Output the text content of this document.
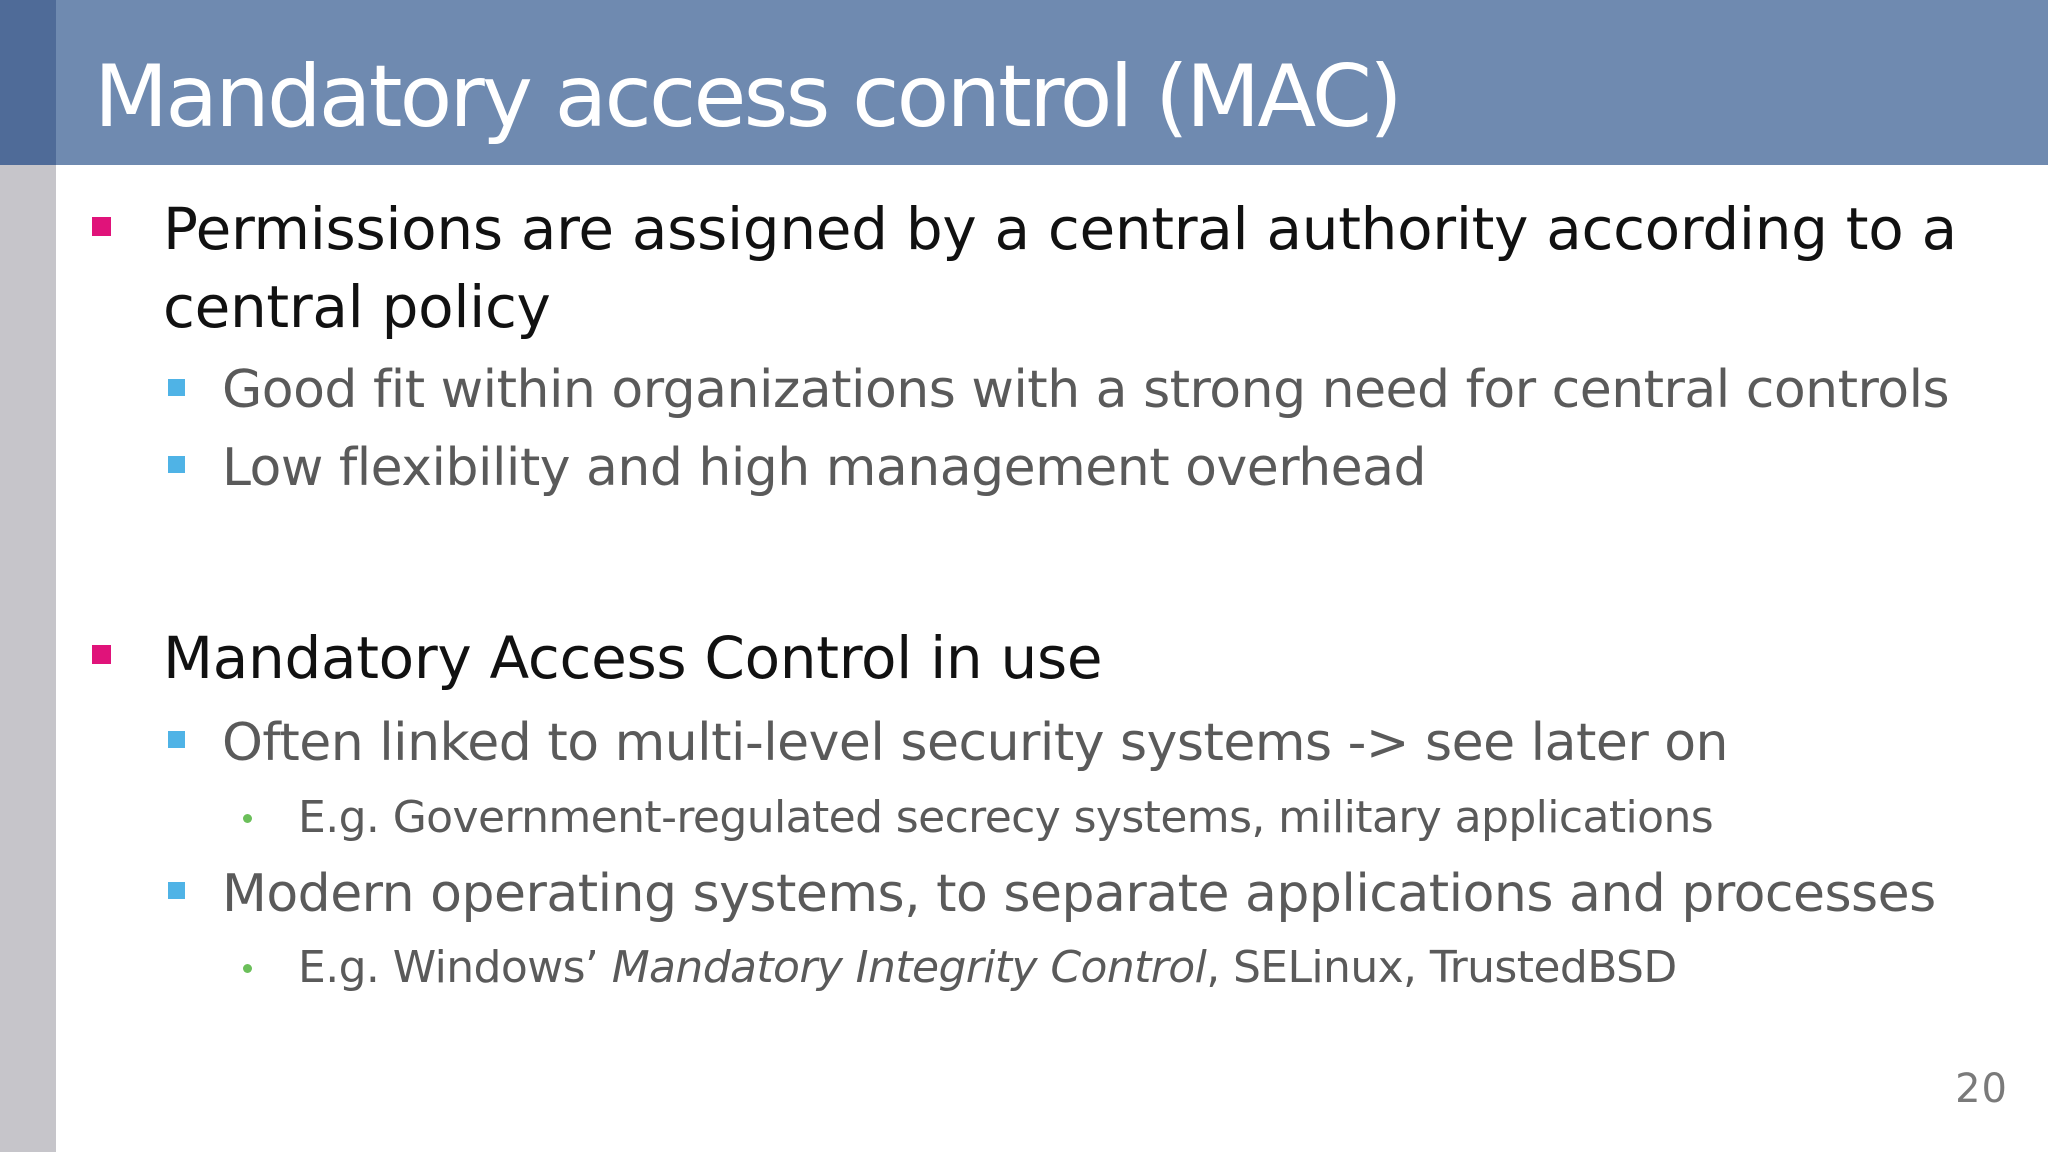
Mandatory access control (MAC)
Permissions are assigned by a central authority according to a
central policy
Good fit within organizations with a strong need for central controls
Low flexibility and high management overhead
Mandatory Access Control in use
Often linked to multi-level security systems -> see later on
E.g. Government-regulated secrecy systems, military applications
Modern operating systems, to separate applications and processes
E.g. Windows’ Mandatory Integrity Control, SELinux, TrustedBSD
20
